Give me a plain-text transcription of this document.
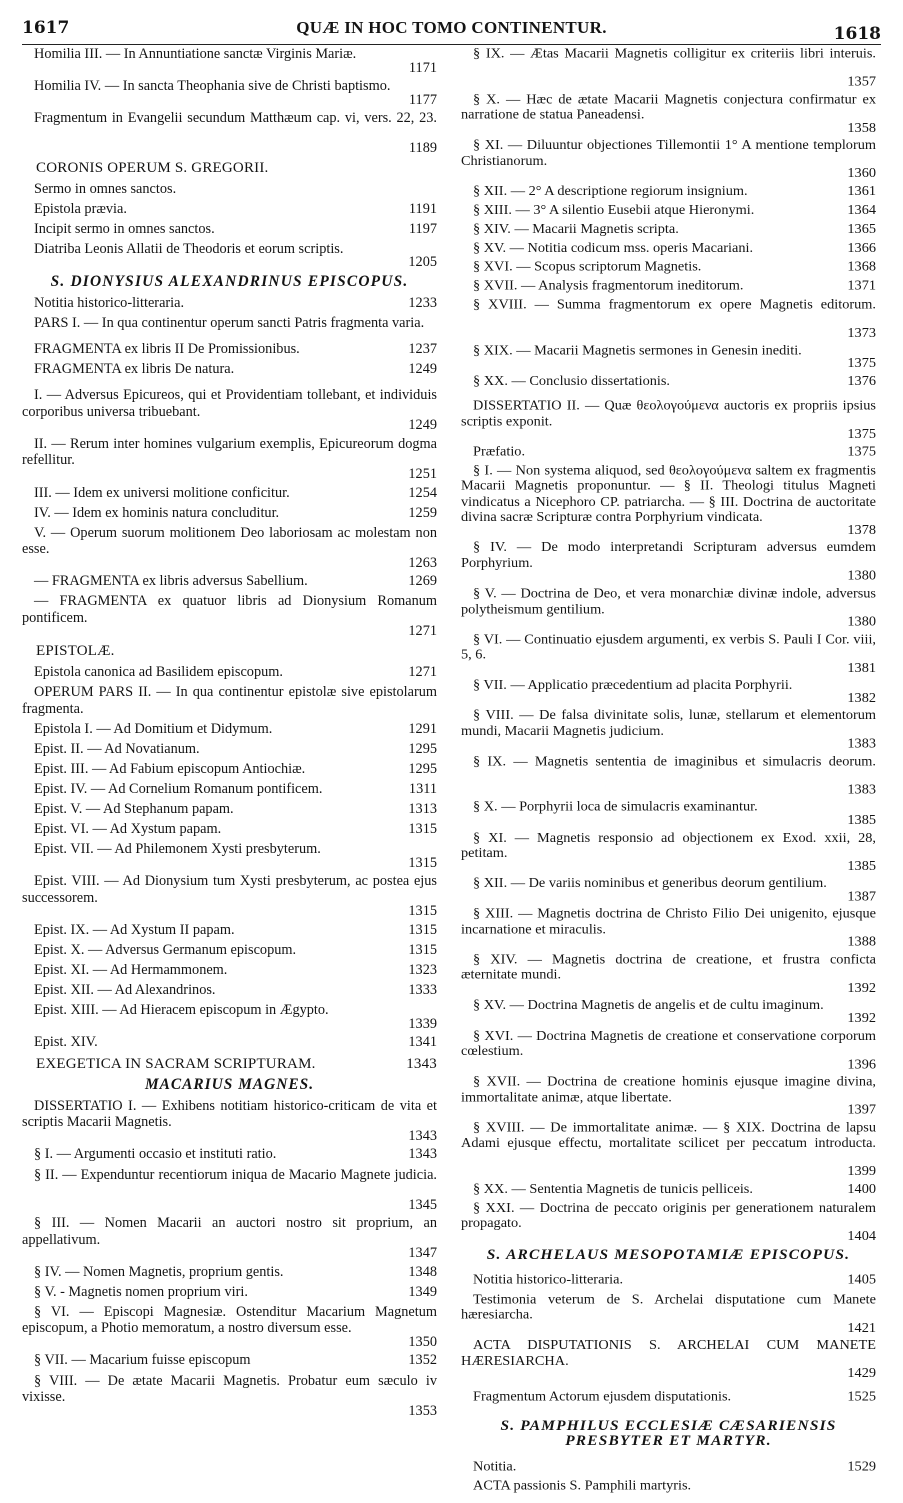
1617	QUÆ IN HOC TOMO CONTINENTUR.	1618
Homilia III. — In Annuntiatione sanctæ Virginis Mariæ.
1171
Homilia IV. — In sancta Theophania sive de Christi baptismo.
1177
Fragmentum in Evangelii secundum Matthæum cap. vi, vers. 22, 23.
1189
CORONIS OPERUM S. GREGORII.
Sermo in omnes sanctos.
Epistola prævia.	1191
Incipit sermo in omnes sanctos.	1197
Diatriba Leonis Allatii de Theodoris et eorum scriptis.
1205
S. DIONYSIUS ALEXANDRINUS EPISCOPUS.
Notitia historico-litteraria.	1233
PARS I. — In qua continentur operum sancti Patris fragmenta varia.
FRAGMENTA ex libris II De Promissionibus.	1237
FRAGMENTA ex libris De natura.	1249
I. — Adversus Epicureos, qui et Providentiam tollebant, et individuis corporibus universa tribuebant.
1249
II. — Rerum inter homines vulgarium exemplis, Epicureorum dogma refellitur.
1251
III. — Idem ex universi molitione conficitur.	1254
IV. — Idem ex hominis natura concluditur.	1259
V. — Operum suorum molitionem Deo laboriosam ac molestam non esse.
1263
— FRAGMENTA ex libris adversus Sabellium.	1269
— FRAGMENTA ex quatuor libris ad Dionysium Romanum pontificem.
1271
EPISTOLÆ.
Epistola canonica ad Basilidem episcopum.	1271
OPERUM PARS II. — In qua continentur epistolæ sive epistolarum fragmenta.
Epistola I. — Ad Domitium et Didymum.	1291
Epist. II. — Ad Novatianum.	1295
Epist. III. — Ad Fabium episcopum Antiochiæ.	1295
Epist. IV. — Ad Cornelium Romanum pontificem.	1311
Epist. V. — Ad Stephanum papam.	1313
Epist. VI. — Ad Xystum papam.	1315
Epist. VII. — Ad Philemonem Xysti presbyterum.
1315
Epist. VIII. — Ad Dionysium tum Xysti presbyterum, ac postea ejus successorem.
1315
Epist. IX. — Ad Xystum II papam.	1315
Epist. X. — Adversus Germanum episcopum.	1315
Epist. XI. — Ad Hermammonem.	1323
Epist. XII. — Ad Alexandrinos.	1333
Epist. XIII. — Ad Hieracem episcopum in Ægypto.
1339
Epist. XIV.	1341
EXEGETICA IN SACRAM SCRIPTURAM.	1343
MACARIUS MAGNES.
DISSERTATIO I. — Exhibens notitiam historico-criticam de vita et scriptis Macarii Magnetis.
1343
§ I. — Argumenti occasio et instituti ratio.	1343
§ II. — Expenduntur recentiorum iniqua de Macario Magnete judicia.
1345
§ III. — Nomen Macarii an auctori nostro sit proprium, an appellativum.
1347
§ IV. — Nomen Magnetis, proprium gentis.	1348
§ V. - Magnetis nomen proprium viri.	1349
§ VI. — Episcopi Magnesiæ. Ostenditur Macarium Magnetum episcopum, a Photio memoratum, a nostro diversum esse.
1350
§ VII. — Macarium fuisse episcopum	1352
§ VIII. — De ætate Macarii Magnetis. Probatur eum sæculo iv vixisse.
1353
§ IX. — Ætas Macarii Magnetis colligitur ex criteriis libri interuis.
1357
§ X. — Hæc de ætate Macarii Magnetis conjectura confirmatur ex narratione de statua Paneadensi.
1358
§ XI. — Diluuntur objectiones Tillemontii 1° A mentione templorum Christianorum.
1360
§ XII. — 2° A descriptione regiorum insignium.	1361
§ XIII. — 3° A silentio Eusebii atque Hieronymi.	1364
§ XIV. — Macarii Magnetis scripta.	1365
§ XV. — Notitia codicum mss. operis Macariani.	1366
§ XVI. — Scopus scriptorum Magnetis.	1368
§ XVII. — Analysis fragmentorum ineditorum.	1371
§ XVIII. — Summa fragmentorum ex opere Magnetis editorum.
1373
§ XIX. — Macarii Magnetis sermones in Genesin inediti.
1375
§ XX. — Conclusio dissertationis.	1376
DISSERTATIO II. — Quæ θεολογούμενα auctoris ex propriis ipsius scriptis exponit.
1375
Præfatio.	1375
§ I. — Non systema aliquod, sed θεολογούμενα saltem ex fragmentis Macarii Magnetis proponuntur. — § II. Theologi titulus Magneti vindicatus a Nicephoro CP. patriarcha. — § III. Doctrina de auctoritate divina sacræ Scripturæ contra Porphyrium vindicata.
1378
§ IV. — De modo interpretandi Scripturam adversus eumdem Porphyrium.
1380
§ V. — Doctrina de Deo, et vera monarchiæ divinæ indole, adversus polytheismum gentilium.
1380
§ VI. — Continuatio ejusdem argumenti, ex verbis S. Pauli I Cor. viii, 5, 6.
1381
§ VII. — Applicatio præcedentium ad placita Porphyrii.
1382
§ VIII. — De falsa divinitate solis, lunæ, stellarum et elementorum mundi, Macarii Magnetis judicium.
1383
§ IX. — Magnetis sententia de imaginibus et simulacris deorum.
1383
§ X. — Porphyrii loca de simulacris examinantur.
1385
§ XI. — Magnetis responsio ad objectionem ex Exod. xxii, 28, petitam.
1385
§ XII. — De variis nominibus et generibus deorum gentilium.
1387
§ XIII. — Magnetis doctrina de Christo Filio Dei unigenito, ejusque incarnatione et miraculis.
1388
§ XIV. — Magnetis doctrina de creatione, et frustra conficta æternitate mundi.
1392
§ XV. — Doctrina Magnetis de angelis et de cultu imaginum.
1392
§ XVI. — Doctrina Magnetis de creatione et conservatione corporum cœlestium.
1396
§ XVII. — Doctrina de creatione hominis ejusque imagine divina, immortalitate animæ, atque libertate.
1397
§ XVIII. — De immortalitate animæ. — § XIX. Doctrina de lapsu Adami ejusque effectu, mortalitate scilicet per peccatum introducta.
1399
§ XX. — Sententia Magnetis de tunicis pelliceis.	1400
§ XXI. — Doctrina de peccato originis per generationem naturalem propagato.
1404
S. ARCHELAUS MESOPOTAMIÆ EPISCOPUS.
Notitia historico-litteraria.	1405
Testimonia veterum de S. Archelai disputatione cum Manete hæresiarcha.
1421
ACTA DISPUTATIONIS S. ARCHELAI CUM MANETE HÆRESIARCHA.
1429
Fragmentum Actorum ejusdem disputationis.	1525
S. PAMPHILUS ECCLESIÆ CÆSARIENSIS PRESBYTER ET MARTYR.
Notitia.	1529
ACTA passionis S. Pamphili martyris.
